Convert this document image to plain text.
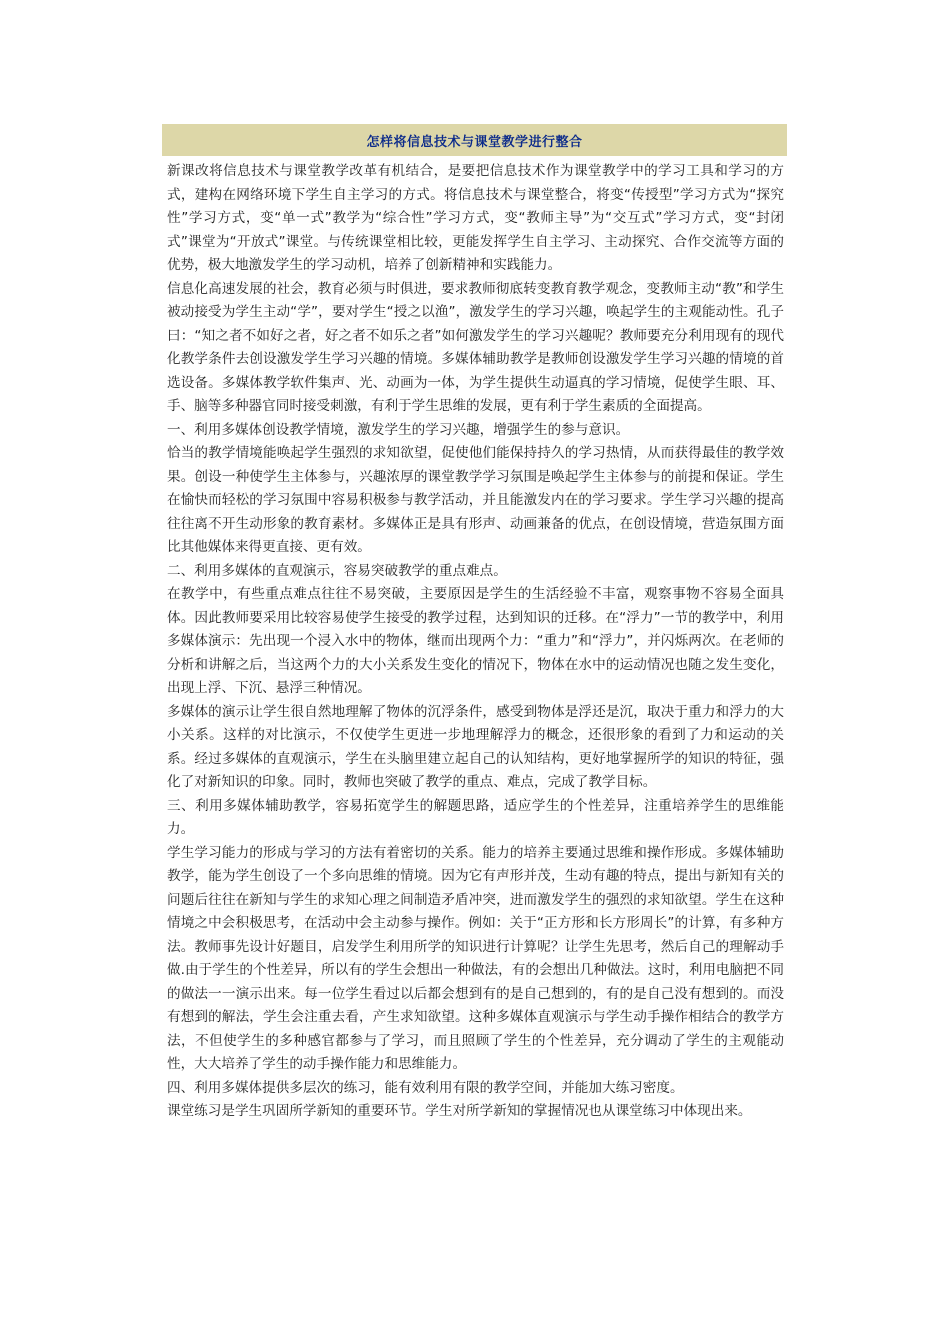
怎样将信息技术与课堂教学进行整合

新课改将信息技术与课堂教学改革有机结合，是要把信息技术作为课堂教学中的学习工具和学习的方式，建构在网络环境下学生自主学习的方式。将信息技术与课堂整合，将变“传授型”学习方式为“探究性”学习方式，变“单一式”教学为“综合性”学习方式，变“教师主导”为“交互式”学习方式，变“封闭式”课堂为“开放式”课堂。与传统课堂相比较，更能发挥学生自主学习、主动探究、合作交流等方面的优势，极大地激发学生的学习动机，培养了创新精神和实践能力。

信息化高速发展的社会，教育必须与时俱进，要求教师彻底转变教育教学观念，变教师主动“教”和学生被动接受为学生主动“学”，要对学生“授之以渔”，激发学生的学习兴趣，唤起学生的主观能动性。孔子曰：“知之者不如好之者，好之者不如乐之者”如何激发学生的学习兴趣呢？教师要充分利用现有的现代化教学条件去创设激发学生学习兴趣的情境。多媒体辅助教学是教师创设激发学生学习兴趣的情境的首选设备。多媒体教学软件集声、光、动画为一体，为学生提供生动逼真的学习情境，促使学生眼、耳、手、脑等多种器官同时接受刺激，有利于学生思维的发展，更有利于学生素质的全面提高。

一、利用多媒体创设教学情境，激发学生的学习兴趣，增强学生的参与意识。

恰当的教学情境能唤起学生强烈的求知欲望，促使他们能保持持久的学习热情，从而获得最佳的教学效果。创设一种使学生主体参与，兴趣浓厚的课堂教学学习氛围是唤起学生主体参与的前提和保证。学生在愉快而轻松的学习氛围中容易积极参与教学活动，并且能激发内在的学习要求。学生学习兴趣的提高往往离不开生动形象的教育素材。多媒体正是具有形声、动画兼备的优点，在创设情境，营造氛围方面比其他媒体来得更直接、更有效。

二、利用多媒体的直观演示，容易突破教学的重点难点。

在教学中，有些重点难点往往不易突破，主要原因是学生的生活经验不丰富，观察事物不容易全面具体。因此教师要采用比较容易使学生接受的教学过程，达到知识的迁移。在“浮力”一节的教学中，利用多媒体演示：先出现一个浸入水中的物体，继而出现两个力：“重力”和“浮力”，并闪烁两次。在老师的分析和讲解之后，当这两个力的大小关系发生变化的情况下，物体在水中的运动情况也随之发生变化，出现上浮、下沉、悬浮三种情况。

多媒体的演示让学生很自然地理解了物体的沉浮条件，感受到物体是浮还是沉，取决于重力和浮力的大小关系。这样的对比演示，不仅使学生更进一步地理解浮力的概念，还很形象的看到了力和运动的关系。经过多媒体的直观演示，学生在头脑里建立起自己的认知结构，更好地掌握所学的知识的特征，强化了对新知识的印象。同时，教师也突破了教学的重点、难点，完成了教学目标。

三、利用多媒体辅助教学，容易拓宽学生的解题思路，适应学生的个性差异，注重培养学生的思维能力。

学生学习能力的形成与学习的方法有着密切的关系。能力的培养主要通过思维和操作形成。多媒体辅助教学，能为学生创设了一个多向思维的情境。因为它有声形并茂，生动有趣的特点，提出与新知有关的问题后往往在新知与学生的求知心理之间制造矛盾冲突，进而激发学生的强烈的求知欲望。学生在这种情境之中会积极思考，在活动中会主动参与操作。例如：关于“正方形和长方形周长”的计算，有多种方法。教师事先设计好题目，启发学生利用所学的知识进行计算呢？让学生先思考，然后自己的理解动手做.由于学生的个性差异，所以有的学生会想出一种做法，有的会想出几种做法。这时，利用电脑把不同的做法一一演示出来。每一位学生看过以后都会想到有的是自己想到的，有的是自己没有想到的。而没有想到的解法，学生会注重去看，产生求知欲望。这种多媒体直观演示与学生动手操作相结合的教学方法，不但使学生的多种感官都参与了学习，而且照顾了学生的个性差异，充分调动了学生的主观能动性，大大培养了学生的动手操作能力和思维能力。

四、利用多媒体提供多层次的练习，能有效利用有限的教学空间，并能加大练习密度。

课堂练习是学生巩固所学新知的重要环节。学生对所学新知的掌握情况也从课堂练习中体现出来。
